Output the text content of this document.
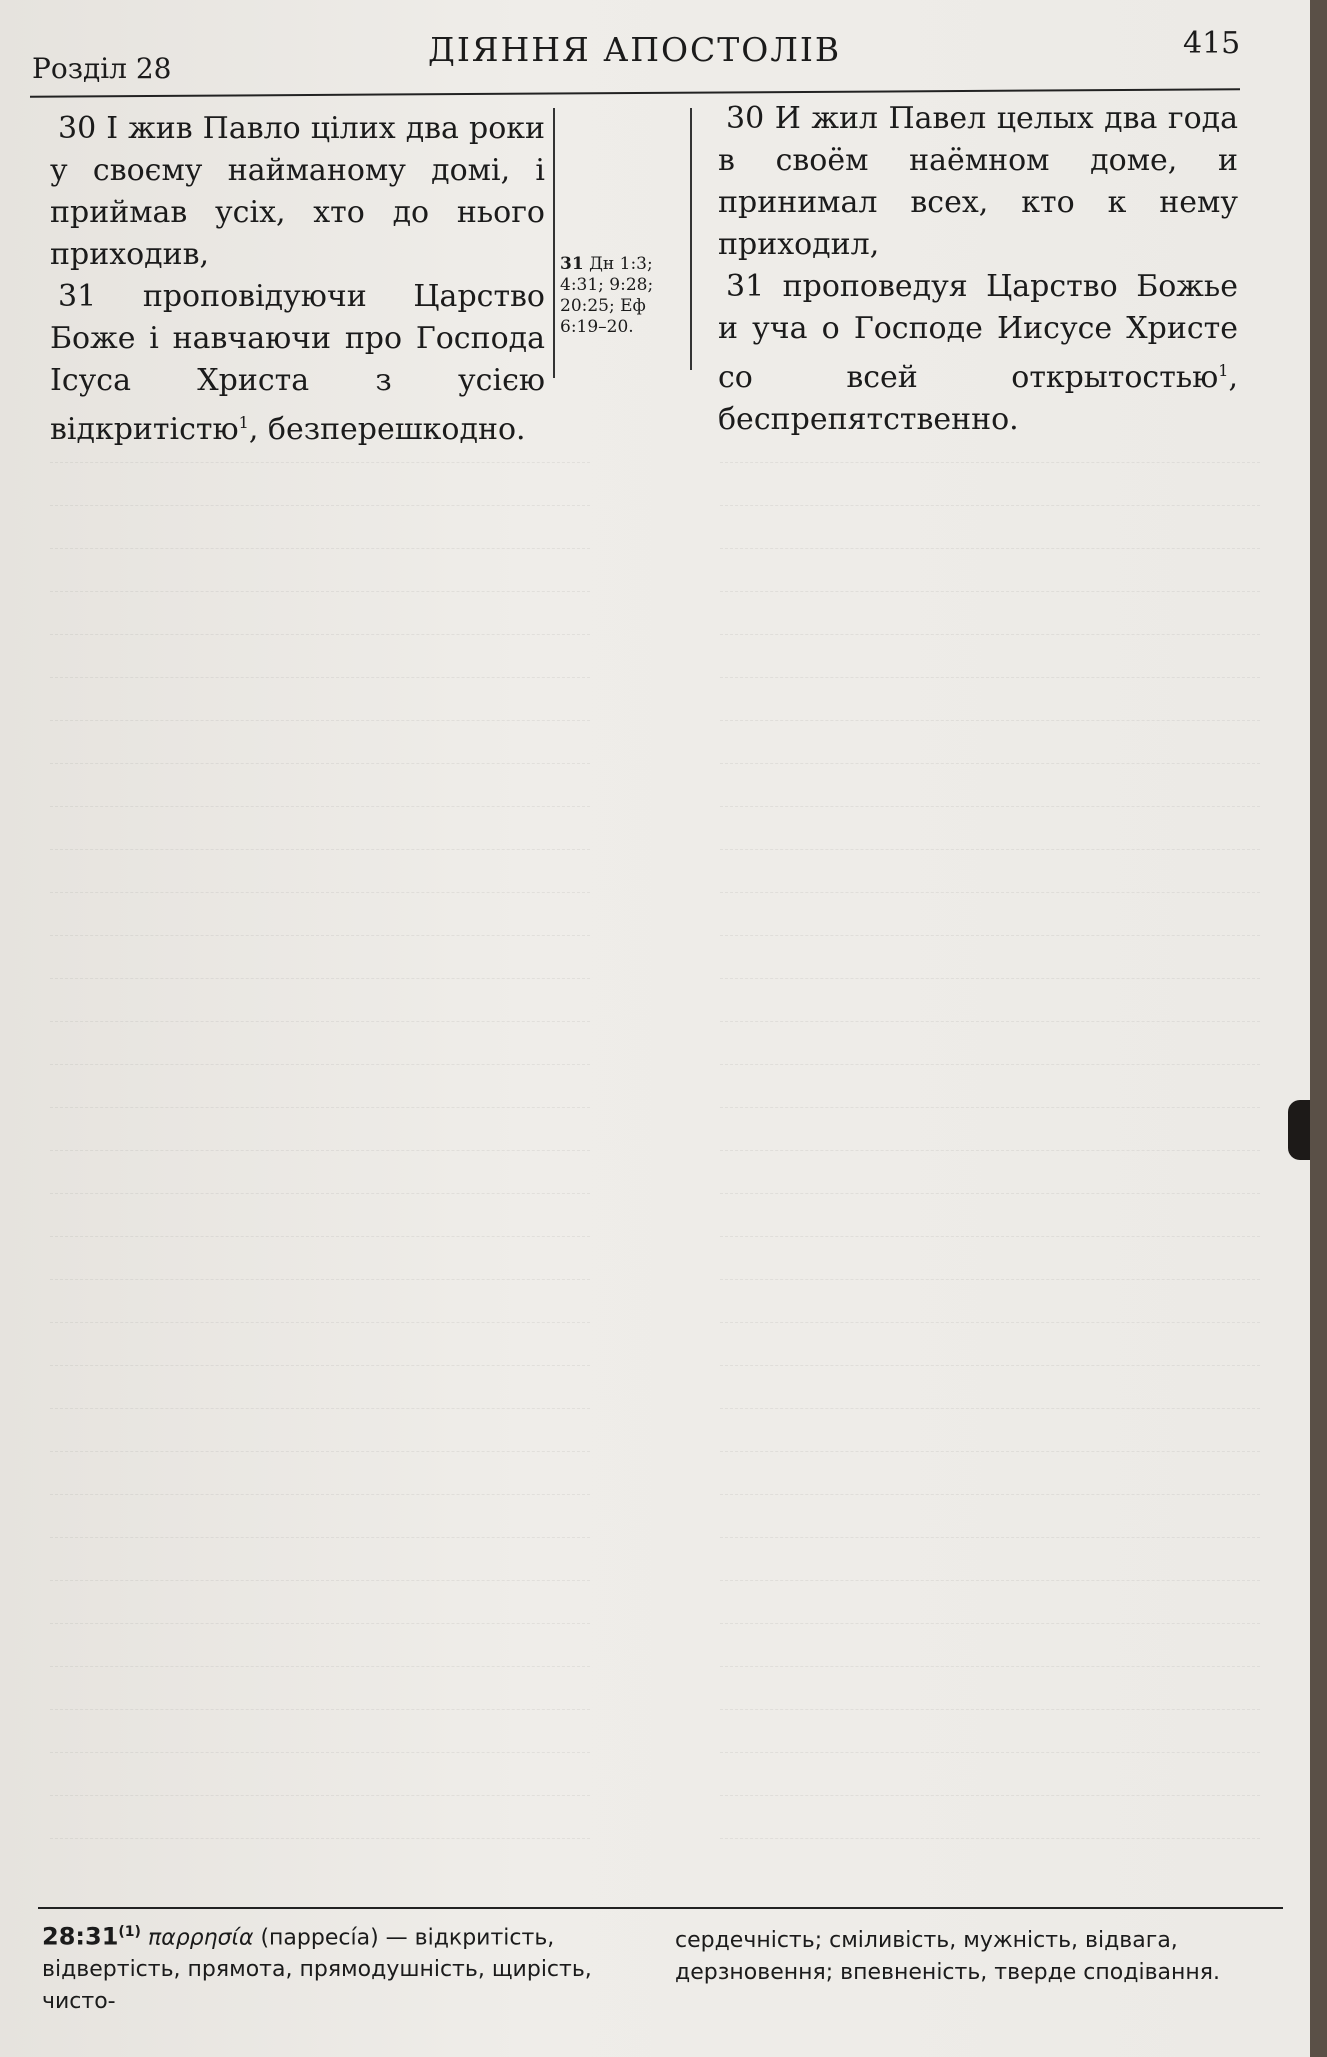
Розділ 28	ДІЯННЯ АПОСТОЛІВ	415

30 І жив Павло цілих два роки у своєму найманому домі, і приймав усіх, хто до нього приходив,

31 проповідуючи Царство Боже і навчаючи про Господа Ісуса Христа з усією відкритістю$^1$, безперешкодно.

31 Дн 1:3; 4:31; 9:28; 20:25; Еф 6:19–20.

30 И жил Павел целых два года в своём наёмном доме, и принимал всех, кто к нему приходил,

31 проповедуя Царство Божье и уча о Господе Иисусе Христе со всей открытостью$^1$, беспрепятственно.

28:31$^{(1)}$ παρρησία (парресі́а) — відкритість, відвертість, прямота, прямодушність, щирість, чисто-
сердечність; сміливість, мужність, відвага, дерзновення; впевненість, тверде сподівання.
